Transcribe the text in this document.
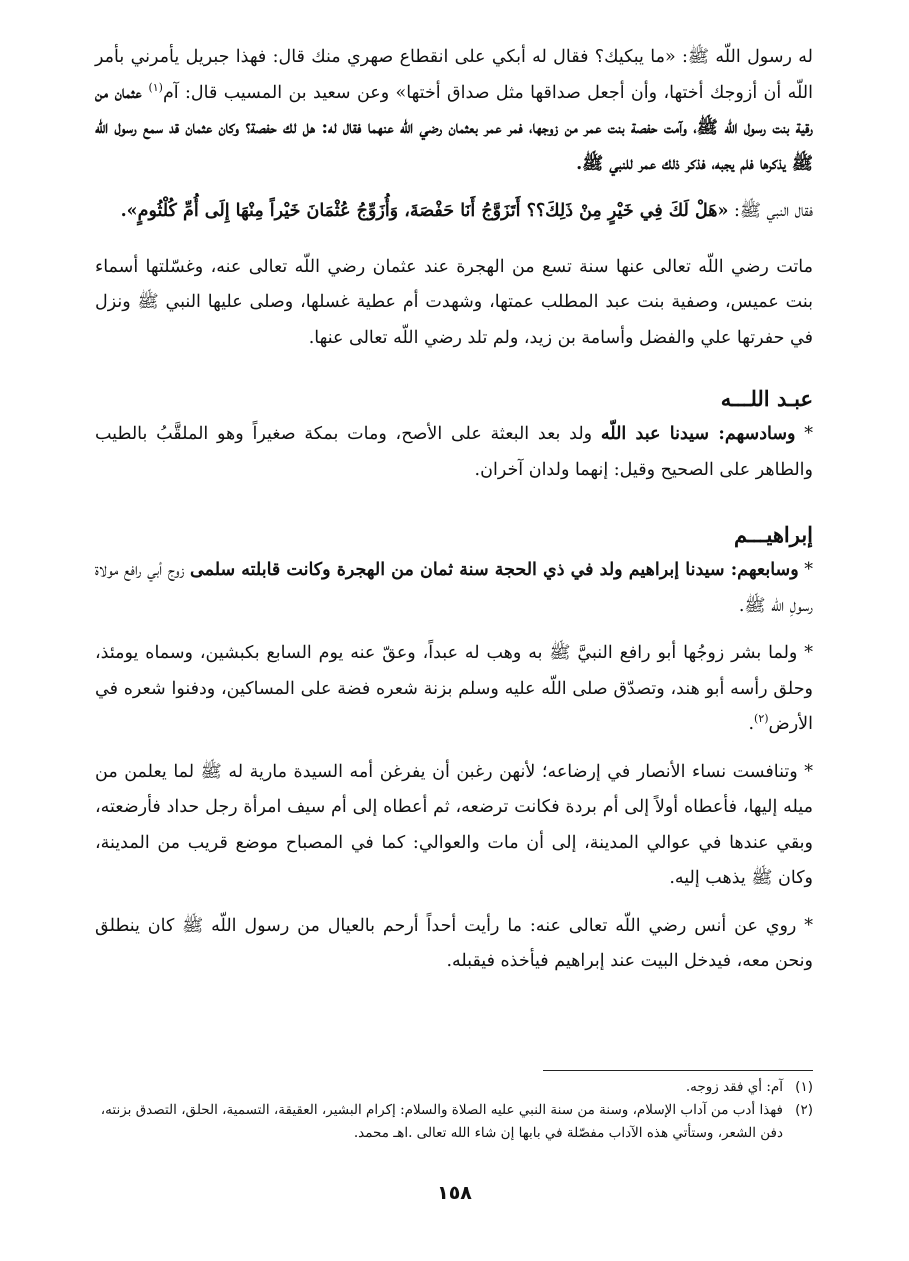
له رسول اللّه ﷺ: «ما يبكيك؟ فقال له أبكي على انقطاع صهري منك قال: فهذا جبريل يأمرني بأمر اللّه أن أزوجك أختها، وأن أجعل صداقها مثل صداق أختها» وعن سعيد بن المسيب قال: آم$^{(١)}$ عثمان من رقية بنت رسول اللّه ﷺ، وآمت حفصة بنت عمر من زوجها، فمر عمر بعثمان رضي اللّه عنهما فقال له: هل لك حفصة؟ وكان عثمان قد سمع رسول اللّه ﷺ يذكرها فلم يجبه، فذكر ذلك عمر للنبي ﷺ.

فقال النبي ﷺ: «هَلْ لَكَ فِي خَيْرٍ مِنْ ذَلِكَ؟؟ أَتَزَوَّجُ أَنَا حَفْصَةَ، وَأُزَوِّجُ عُثْمَانَ خَيْراً مِنْهَا إِلَى أُمِّ كُلْثُومٍ».

ماتت رضي اللّه تعالى عنها سنة تسع من الهجرة عند عثمان رضي اللّه تعالى عنه، وغسّلتها أسماء بنت عميس، وصفية بنت عبد المطلب عمتها، وشهدت أم عطية غسلها، وصلى عليها النبي ﷺ ونزل في حفرتها علي والفضل وأسامة بن زيد، ولم تلد رضي اللّه تعالى عنها.

عبـد اللـــه

* وسادسهم: سيدنا عبد اللّه ولد بعد البعثة على الأصح، ومات بمكة صغيراً وهو الملقَّبُ بالطيب والطاهر على الصحيح وقيل: إنهما ولدان آخران.

إبراهيـــم

* وسابعهم: سيدنا إبراهيم ولد في ذي الحجة سنة ثمان من الهجرة وكانت قابلته سلمى زوج أبي رافع مولاة رسولِ اللّه ﷺ.

* ولما بشر زوجُها أبو رافع النبيَّ ﷺ به وهب له عبداً، وعقّ عنه يوم السابع بكبشين، وسماه يومئذ، وحلق رأسه أبو هند، وتصدّق صلى اللّه عليه وسلم بزنة شعره فضة على المساكين، ودفنوا شعره في الأرض$^{(٢)}$.

* وتنافست نساء الأنصار في إرضاعه؛ لأنهن رغبن أن يفرغن أمه السيدة مارية له ﷺ لما يعلمن من ميله إليها، فأعطاه أولاً إلى أم بردة فكانت ترضعه، ثم أعطاه إلى أم سيف امرأة رجل حداد فأرضعته، وبقي عندها في عوالي المدينة، إلى أن مات والعوالي: كما في المصباح موضع قريب من المدينة، وكان ﷺ يذهب إليه.

* روي عن أنس رضي اللّه تعالى عنه: ما رأيت أحداً أرحم بالعيال من رسول اللّه ﷺ كان ينطلق ونحن معه، فيدخل البيت عند إبراهيم فيأخذه فيقبله.

(١)
آم: أي فقد زوجه.
(٢)
فهذا أدب من آداب الإسلام، وسنة من سنة النبي عليه الصلاة والسلام: إكرام البشير، العقيقة، التسمية، الحلق، التصدق بزنته، دفن الشعر، وستأتي هذه الآداب مفصّلة في بابها إن شاء الله تعالى .اهـ محمد.
١٥٨
